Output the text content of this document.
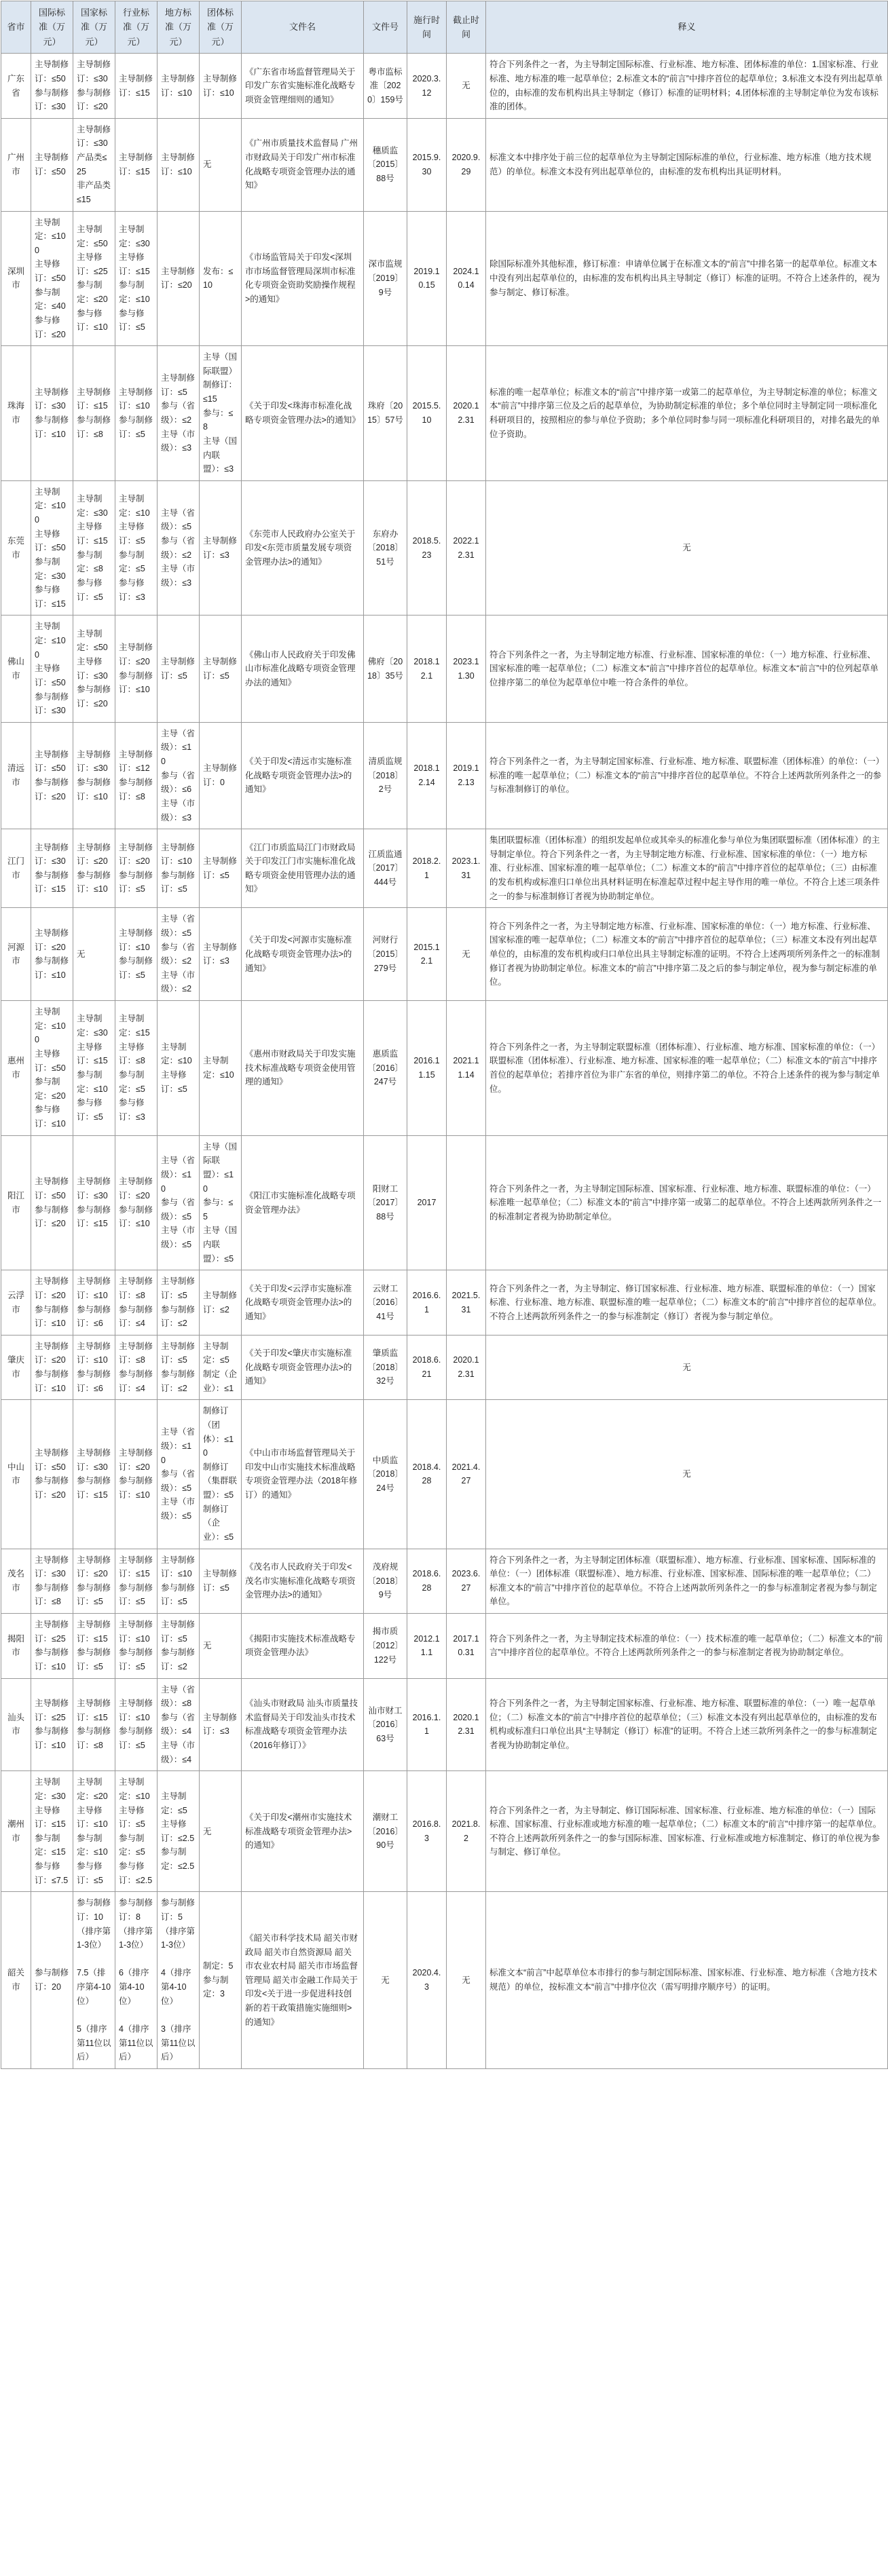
省市	国际标准（万元）	国家标准（万元）	行业标准（万元）	地方标准（万元）	团体标准（万元）	文件名	文件号	施行时间	截止时间	释义

广东省	主导制修订：≤50
参与制修订：≤30	主导制修订：≤30
参与制修订：≤20	主导制修订：≤15	主导制修订：≤10	主导制修订：≤10	《广东省市场监督管理局关于印发广东省实施标准化战略专项资金管理细则的通知》	粤市监标准〔2020〕159号	2020.3.12	无	符合下列条件之一者，为主导制定国际标准、行业标准、地方标准、团体标准的单位：1.国家标准、行业标准、地方标准的唯一起草单位；2.标准文本的“前言”中排序首位的起草单位；3.标准文本没有列出起草单位的，由标准的发布机构出具主导制定（修订）标准的证明材料；4.团体标准的主导制定单位为发布该标准的团体。

广州市	主导制修订：≤50	主导制修订：≤30
产品类≤25
非产品类≤15	主导制修订：≤15	主导制修订：≤10	无	《广州市质量技术监督局 广州市财政局关于印发广州市标准化战略专项资金管理办法的通知》	穗质监〔2015〕88号	2015.9.30	2020.9.29	标准文本中排序处于前三位的起草单位为主导制定国际标准的单位，行业标准、地方标准（地方技术规范）的单位。标准文本没有列出起草单位的，由标准的发布机构出具证明材料。

深圳市	主导制定：≤100
主导修订：≤50
参与制定：≤40
参与修订：≤20	主导制定：≤50
主导修订：≤25
参与制定：≤20
参与修订：≤10	主导制定：≤30
主导修订：≤15
参与制定：≤10
参与修订：≤5	主导制修订：≤20	发布：≤10	《市场监管局关于印发<深圳市市场监督管理局深圳市标准化专项资金资助奖励操作规程>的通知》	深市监规〔2019〕9号	2019.10.15	2024.10.14	除国际标准外其他标准，修订标准：申请单位属于在标准文本的“前言”中排名第一的起草单位。标准文本中没有列出起草单位的，由标准的发布机构出具主导制定（修订）标准的证明。不符合上述条件的，视为参与制定、修订标准。

珠海市	主导制修订：≤30
参与制修订：≤10	主导制修订：≤15
参与制修订：≤8	主导制修订：≤10
参与制修订：≤5	主导制修订：≤5
参与（省级）：≤2
主导（市级）：≤3	主导（国际联盟）制修订：≤15
参与：≤8
主导（国内联盟）：≤3	《关于印发<珠海市标准化战略专项资金管理办法>的通知》	珠府〔2015〕57号	2015.5.10	2020.12.31	标准的唯一起草单位；标准文本的“前言”中排序第一或第二的起草单位，为主导制定标准的单位；标准文本“前言”中排序第三位及之后的起草单位，为协助制定标准的单位；多个单位同时主导制定同一项标准化科研项目的，按照相应的参与单位予资助；多个单位同时参与同一项标准化科研项目的，对排名最先的单位予资助。

东莞市	主导制定：≤100
主导修订：≤50
参与制定：≤30
参与修订：≤15	主导制定：≤30
主导修订：≤15
参与制定：≤8
参与修订：≤5	主导制定：≤10
主导修订：≤5
参与制定：≤5
参与修订：≤3	主导（省级）：≤5
参与（省级）：≤2
主导（市级）：≤3	主导制修订：≤3	《东莞市人民政府办公室关于印发<东莞市质量发展专项资金管理办法>的通知》	东府办〔2018〕51号	2018.5.23	2022.12.31	无

佛山市	主导制定：≤100
主导修订：≤50
参与制修订：≤30	主导制定：≤50
主导修订：≤30
参与制修订：≤20	主导制修订：≤20
参与制修订：≤10	主导制修订：≤5	主导制修订：≤5	《佛山市人民政府关于印发佛山市标准化战略专项资金管理办法的通知》	佛府〔2018〕35号	2018.12.1	2023.11.30	符合下列条件之一者，为主导制定地方标准、行业标准、国家标准的单位：（一）地方标准、行业标准、国家标准的唯一起草单位；（二）标准文本“前言”中排序首位的起草单位。标准文本“前言”中的位列起草单位排序第二的单位为起草单位中唯一符合条件的单位。

清远市	主导制修订：≤50
参与制修订：≤20	主导制修订：≤30
参与制修订：≤10	主导制修订：≤12
参与制修订：≤8	主导（省级）：≤10
参与（省级）：≤6
主导（市级）：≤3	主导制修订：0	《关于印发<清远市实施标准化战略专项资金管理办法>的通知》	清质监规〔2018〕2号	2018.12.14	2019.12.13	符合下列条件之一者，为主导制定国家标准、行业标准、地方标准、联盟标准（团体标准）的单位：（一）标准的唯一起草单位；（二）标准文本的“前言”中排序首位的起草单位。不符合上述两款所列条件之一的参与标准制修订的单位。

江门市	主导制修订：≤30
参与制修订：≤15	主导制修订：≤20
参与制修订：≤10	主导制修订：≤20
参与制修订：≤5	主导制修订：≤10
参与制修订：≤5	主导制修订：≤5	《江门市质监局江门市财政局关于印发江门市实施标准化战略专项资金使用管理办法的通知》	江质监通〔2017〕444号	2018.2.1	2023.1.31	集团联盟标准（团体标准）的组织发起单位或其牵头的标准化参与单位为集团联盟标准（团体标准）的主导制定单位。符合下列条件之一者，为主导制定地方标准、行业标准、国家标准的单位：（一）地方标准、行业标准、国家标准的唯一起草单位；（二）标准文本的“前言”中排序首位的起草单位；（三）由标准的发布机构或标准归口单位出具材料证明在标准起草过程中起主导作用的唯一单位。不符合上述三项条件之一的参与标准制修订者视为协助制定单位。

河源市	主导制修订：≤20
参与制修订：≤10	无	主导制修订：≤10
参与制修订：≤5	主导（省级）：≤5
参与（省级）：≤2
主导（市级）：≤2	主导制修订：≤3	《关于印发<河源市实施标准化战略专项资金管理办法>的通知》	河财行〔2015〕279号	2015.12.1	无	符合下列条件之一者，为主导制定地方标准、行业标准、国家标准的单位：（一）地方标准、行业标准、国家标准的唯一起草单位；（二）标准文本的“前言”中排序首位的起草单位；（三）标准文本没有列出起草单位的，由标准的发布机构或归口单位出具主导制定标准的证明。不符合上述两项所列条件之一的标准制修订者视为协助制定单位。标准文本的“前言”中排序第二及之后的参与制定单位，视为参与制定标准的单位。

惠州市	主导制定：≤100
主导修订：≤50
参与制定：≤20
参与修订：≤10	主导制定：≤30
主导修订：≤15
参与制定：≤10
参与修订：≤5	主导制定：≤15
主导修订：≤8
参与制定：≤5
参与修订：≤3	主导制定：≤10
主导修订：≤5	主导制定：≤10	《惠州市财政局关于印发实施技术标准战略专项资金使用管理的通知》	惠质监〔2016〕247号	2016.11.15	2021.11.14	符合下列条件之一者，为主导制定联盟标准（团体标准）、行业标准、地方标准、国家标准的单位：（一）联盟标准（团体标准）、行业标准、地方标准、国家标准的唯一起草单位；（二）标准文本的“前言”中排序首位的起草单位；若排序首位为非广东省的单位，则排序第二的单位。不符合上述条件的视为参与制定单位。

阳江市	主导制修订：≤50
参与制修订：≤20	主导制修订：≤30
参与制修订：≤15	主导制修订：≤20
参与制修订：≤10	主导（省级）：≤10
参与（省级）：≤5
主导（市级）：≤5	主导（国际联盟）：≤10
参与：≤5
主导（国内联盟）：≤5	《阳江市实施标准化战略专项资金管理办法》	阳财工〔2017〕88号	2017		符合下列条件之一者，为主导制定国际标准、国家标准、行业标准、地方标准、联盟标准的单位：（一）标准唯一起草单位；（二）标准文本的“前言”中排序第一或第二的起草单位。不符合上述两款所列条件之一的标准制定者视为协助制定单位。

云浮市	主导制修订：≤20
参与制修订：≤10	主导制修订：≤10
参与制修订：≤6	主导制修订：≤8
参与制修订：≤4	主导制修订：≤5
参与制修订：≤2	主导制修订：≤2	《关于印发<云浮市实施标准化战略专项资金管理办法>的通知》	云财工〔2016〕41号	2016.6.1	2021.5.31	符合下列条件之一者，为主导制定、修订国家标准、行业标准、地方标准、联盟标准的单位：（一）国家标准、行业标准、地方标准、联盟标准的唯一起草单位；（二）标准文本的“前言”中排序首位的起草单位。不符合上述两款所列条件之一的参与标准制定（修订）者视为参与制定单位。

肇庆市	主导制修订：≤20
参与制修订：≤10	主导制修订：≤10
参与制修订：≤6	主导制修订：≤8
参与制修订：≤4	主导制修订：≤5
参与制修订：≤2	主导制定：≤5
制定（企业）：≤1	《关于印发<肇庆市实施标准化战略专项资金管理办法>的通知》	肇质监〔2018〕32号	2018.6.21	2020.12.31	无

中山市	主导制修订：≤50
参与制修订：≤20	主导制修订：≤30
参与制修订：≤15	主导制修订：≤20
参与制修订：≤10	主导（省级）：≤10
参与（省级）：≤5
主导（市级）：≤5	制修订（团体）：≤10
制修订（集群联盟）：≤5
制修订（企业）：≤5	《中山市市场监督管理局关于印发中山市实施技术标准战略专项资金管理办法（2018年修订）的通知》	中质监〔2018〕24号	2018.4.28	2021.4.27	无

茂名市	主导制修订：≤30
参与制修订：≤8	主导制修订：≤20
参与制修订：≤5	主导制修订：≤15
参与制修订：≤5	主导制修订：≤10
参与制修订：≤5	主导制修订：≤5	《茂名市人民政府关于印发<茂名市实施标准化战略专项资金管理办法>的通知》	茂府规〔2018〕9号	2018.6.28	2023.6.27	符合下列条件之一者，为主导制定团体标准（联盟标准）、地方标准、行业标准、国家标准、国际标准的单位：（一）团体标准（联盟标准）、地方标准、行业标准、国家标准、国际标准的唯一起草单位；（二）标准文本的“前言”中排序首位的起草单位。不符合上述两款所列条件之一的参与标准制定者视为参与制定单位。

揭阳市	主导制修订：≤25
参与制修订：≤10	主导制修订：≤15
参与制修订：≤5	主导制修订：≤10
参与制修订：≤5	主导制修订：≤5
参与制修订：≤2	无	《揭阳市实施技术标准战略专项资金管理办法》	揭市质〔2012〕122号	2012.11.1	2017.10.31	符合下列条件之一者，为主导制定技术标准的单位：（一）技术标准的唯一起草单位；（二）标准文本的“前言”中排序首位的起草单位。不符合上述两款所列条件之一的参与标准制定者视为协助制定单位。

汕头市	主导制修订：≤25
参与制修订：≤10	主导制修订：≤15
参与制修订：≤8	主导制修订：≤10
参与制修订：≤5	主导（省级）：≤8
参与（省级）：≤4
主导（市级）：≤4	主导制修订：≤3	《汕头市财政局 汕头市质量技术监督局关于印发汕头市技术标准战略专项资金管理办法（2016年修订）》	汕市财工〔2016〕63号	2016.1.1	2020.12.31	符合下列条件之一者，为主导制定国家标准、行业标准、地方标准、联盟标准的单位：（一）唯一起草单位；（二）标准文本的“前言”中排序首位的起草单位；（三）标准文本没有列出起草单位的，由标准的发布机构或标准归口单位出具“主导制定（修订）标准”的证明。不符合上述三款所列条件之一的参与标准制定者视为协助制定单位。

潮州市	主导制定：≤30
主导修订：≤15
参与制定：≤15
参与修订：≤7.5	主导制定：≤20
主导修订：≤10
参与制定：≤10
参与修订：≤5	主导制定：≤10
主导修订：≤5
参与制定：≤5
参与修订：≤2.5	主导制定：≤5
主导修订：≤2.5
参与制定：≤2.5	无	《关于印发<潮州市实施技术标准战略专项资金管理办法>的通知》	潮财工〔2016〕90号	2016.8.3	2021.8.2	符合下列条件之一者，为主导制定、修订国际标准、国家标准、行业标准、地方标准的单位：（一）国际标准、国家标准、行业标准或地方标准的唯一起草单位；（二）标准文本的“前言”中排序第一的起草单位。不符合上述两款所列条件之一的参与国际标准、国家标准、行业标准或地方标准制定、修订的单位视为参与制定、修订单位。

韶关市	参与制修订：20	参与制修订：10（排序第1-3位）

7.5（排序第4-10位）

5（排序第11位以后）	参与制修订：8（排序第1-3位）

6（排序第4-10位）

4（排序第11位以后）	参与制修订：5（排序第1-3位）

4（排序第4-10位）

3（排序第11位以后）	制定：5
参与制定：3	《韶关市科学技术局 韶关市财政局 韶关市自然资源局 韶关市农业农村局 韶关市市场监督管理局 韶关市金融工作局关于印发<关于进一步促进科技创新的若干政策措施实施细则>的通知》	无	2020.4.3	无	标准文本“前言”中起草单位本市排行的参与制定国际标准、国家标准、行业标准、地方标准（含地方技术规范）的单位，按标准文本“前言”中排序位次（需写明排序顺序号）的证明。
